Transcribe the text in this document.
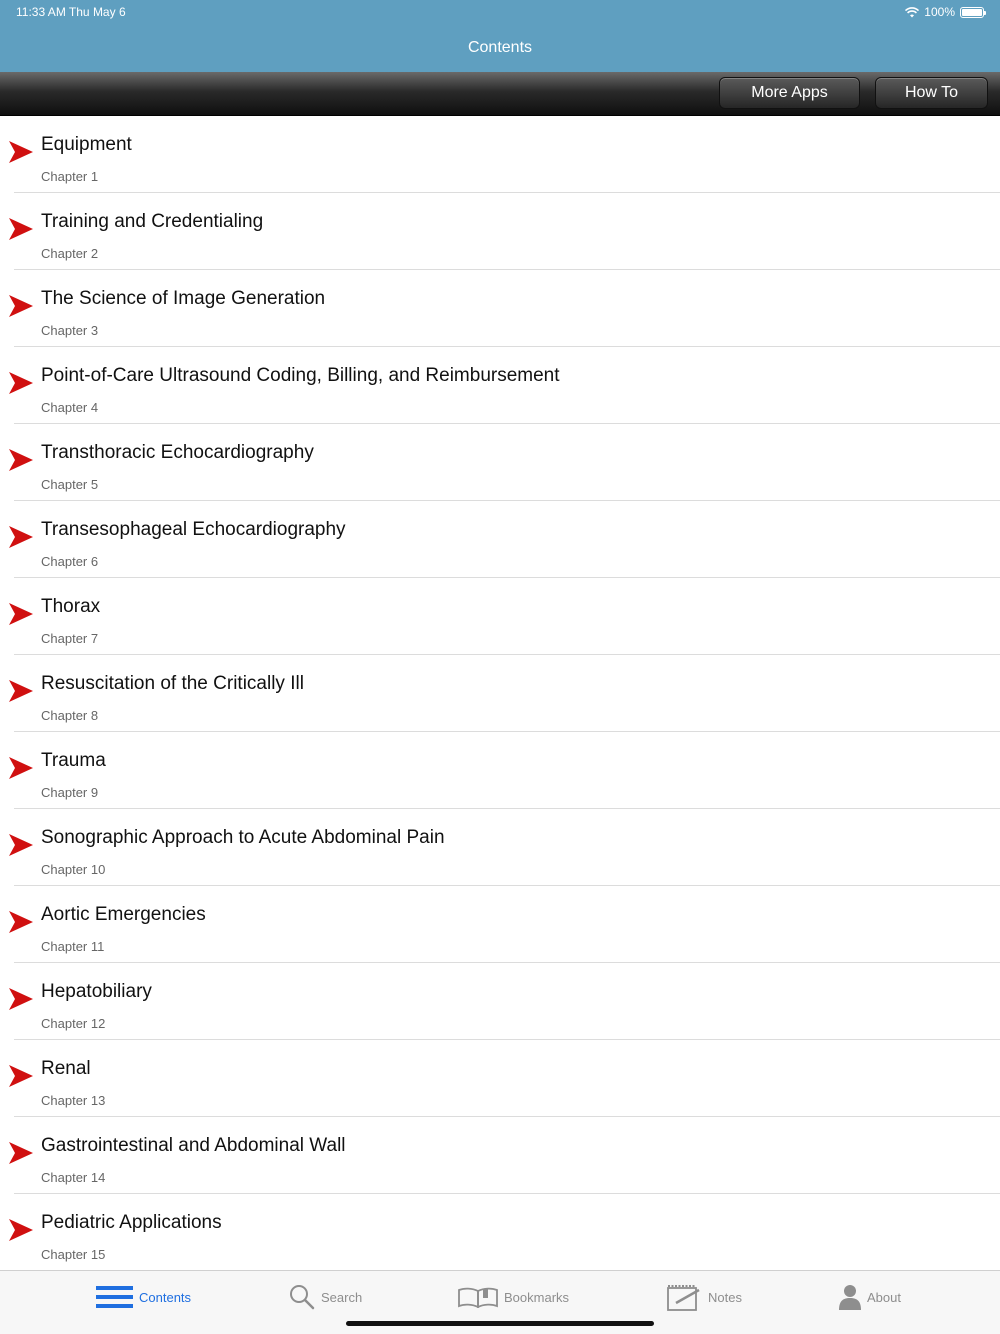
11:33 AM Thu May 6	100%
Contents
More Apps	How To
Equipment
Chapter 1
Training and Credentialing
Chapter 2
The Science of Image Generation
Chapter 3
Point-of-Care Ultrasound Coding, Billing, and Reimbursement
Chapter 4
Transthoracic Echocardiography
Chapter 5
Transesophageal Echocardiography
Chapter 6
Thorax
Chapter 7
Resuscitation of the Critically Ill
Chapter 8
Trauma
Chapter 9
Sonographic Approach to Acute Abdominal Pain
Chapter 10
Aortic Emergencies
Chapter 11
Hepatobiliary
Chapter 12
Renal
Chapter 13
Gastrointestinal and Abdominal Wall
Chapter 14
Pediatric Applications
Chapter 15
Contents	Search	Bookmarks	Notes	About
